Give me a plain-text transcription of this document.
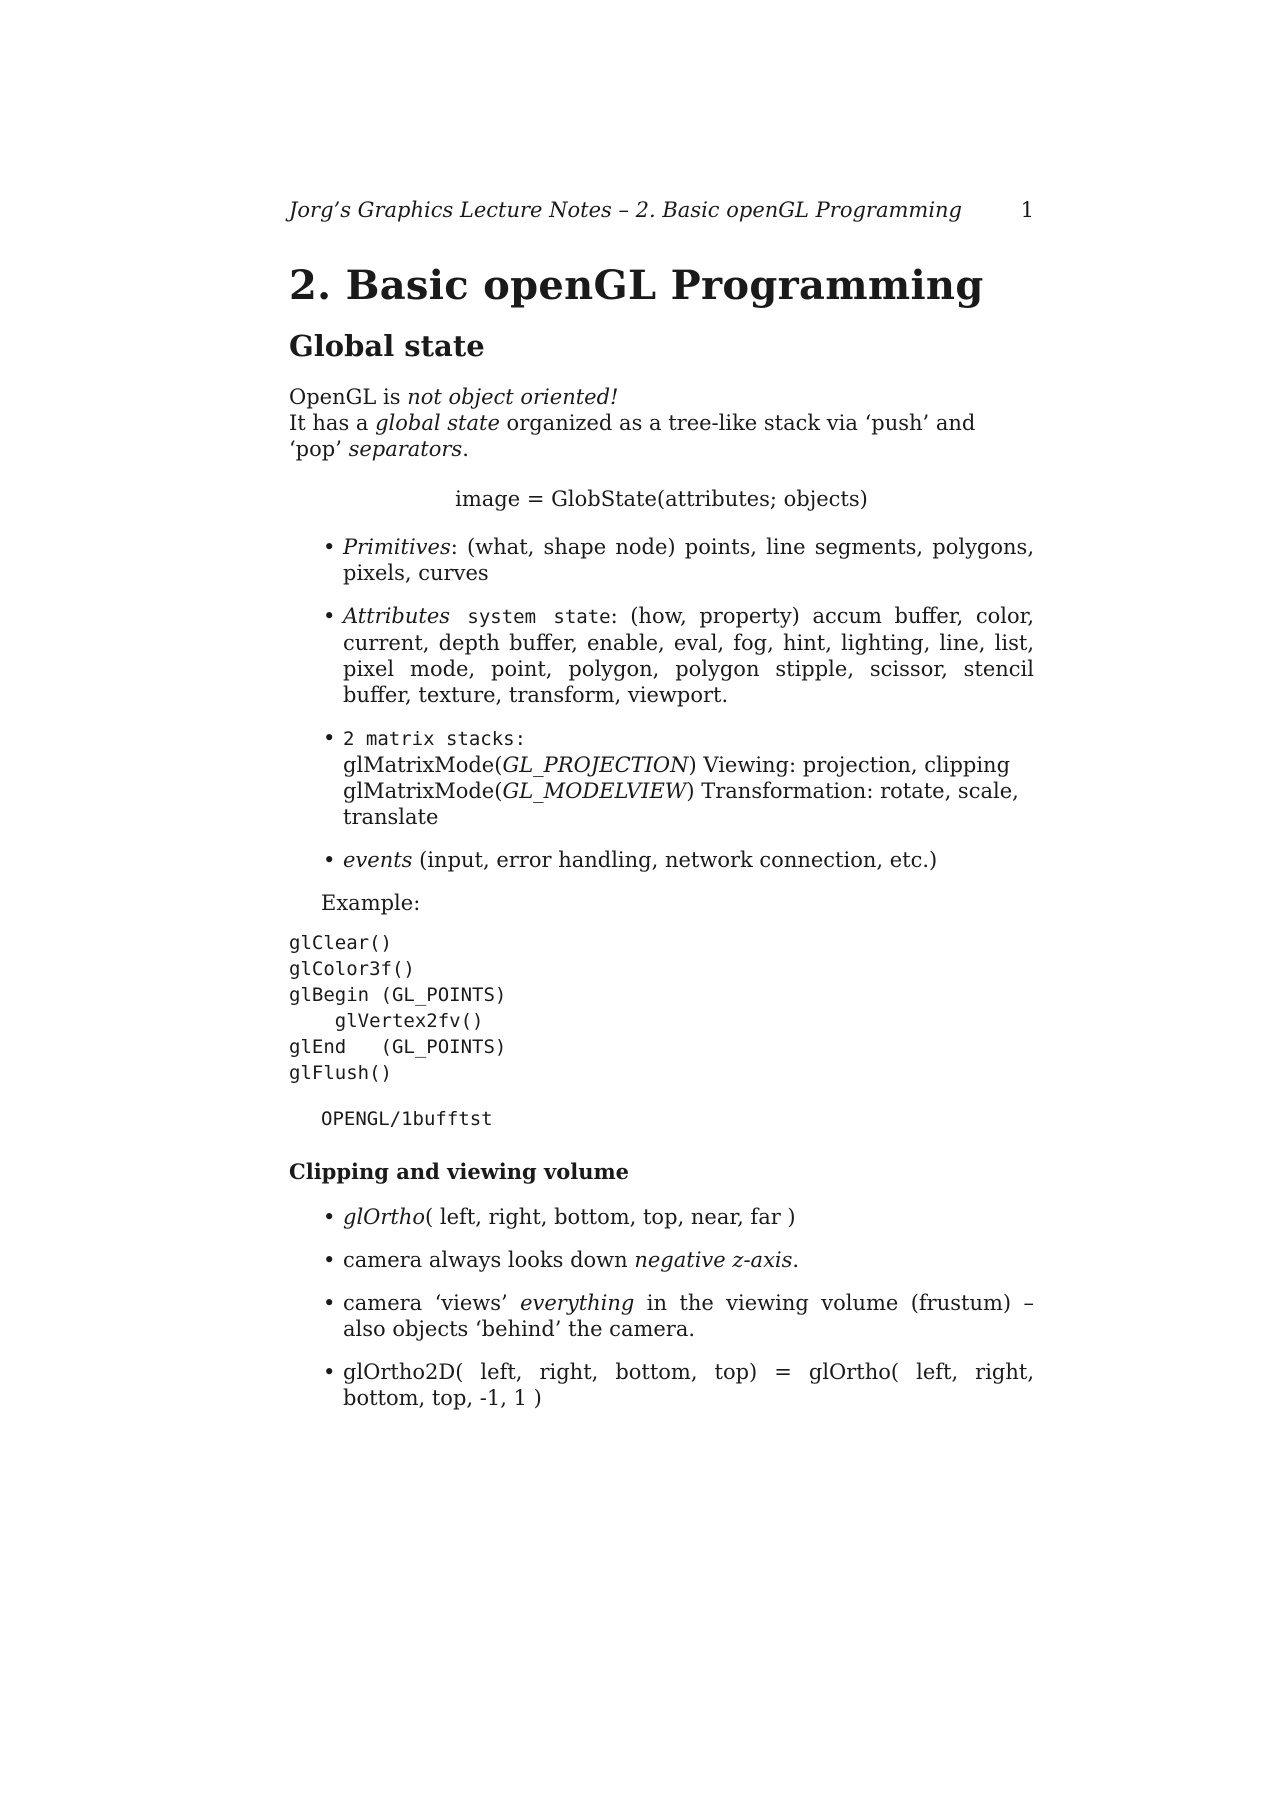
Jorg’s Graphics Lecture Notes – 2. Basic openGL Programming	1
2. Basic openGL Programming
Global state

OpenGL is not object oriented!

It has a global state organized as a tree-like stack via ‘push’ and ‘pop’ separators.

image = GlobState(attributes; objects)
• Primitives: (what, shape node) points, line segments, polygons, pixels, curves
• Attributes system state: (how, property) accum buffer, color, current, depth buffer, enable, eval, fog, hint, lighting, line, list, pixel mode, point, polygon, polygon stipple, scissor, stencil buffer, texture, transform, viewport.
• 2 matrix stacks:
glMatrixMode(GL_PROJECTION) Viewing: projection, clipping
glMatrixMode(GL_MODELVIEW) Transformation: rotate, scale, translate
• events (input, error handling, network connection, etc.)
Example:
glClear()
glColor3f()
glBegin (GL_POINTS)
glVertex2fv()
glEnd   (GL_POINTS)
glFlush()
OPENGL/1bufftst
Clipping and viewing volume
• glOrtho( left, right, bottom, top, near, far )
• camera always looks down negative z-axis.
• camera ‘views’ everything in the viewing volume (frustum) – also objects ‘behind’ the camera.
• glOrtho2D( left, right, bottom, top) = glOrtho( left, right, bottom, top, -1, 1 )
